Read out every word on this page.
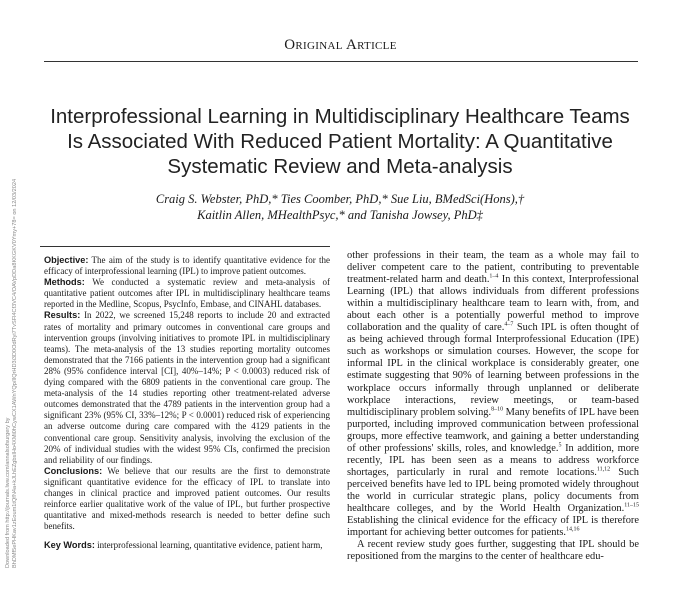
Original Article
Downloaded from http://journals.lww.com/annalsofsurgery by BhDMf5ePHKav1zEoum1tQfN4a+kJLhEZgbsIHo4XMi0hCywCX1AWnYQp/IlQrHD3i3D0OdRyi7TvSFl4Cf3VC4/OAVpDDa8KKGKV0Ymy+78= on 12/03/2024
Interprofessional Learning in Multidisciplinary Healthcare Teams Is Associated With Reduced Patient Mortality: A Quantitative Systematic Review and Meta-analysis
Craig S. Webster, PhD,* Ties Coomber, PhD,* Sue Liu, BMedSci(Hons),†
Kaitlin Allen, MHealthPsyc,* and Tanisha Jowsey, PhD‡

Objective: The aim of the study is to identify quantitative evidence for the efficacy of interprofessional learning (IPL) to improve patient outcomes.

Methods: We conducted a systematic review and meta-analysis of quantitative patient outcomes after IPL in multidisciplinary healthcare teams reported in the Medline, Scopus, PsycInfo, Embase, and CINAHL databases.

Results: In 2022, we screened 15,248 reports to include 20 and extracted rates of mortality and primary outcomes in conventional care groups and intervention groups (involving initiatives to promote IPL in multidisciplinary teams). The meta-analysis of the 13 studies reporting mortality outcomes demonstrated that the 7166 patients in the intervention group had a significant 28% (95% confidence interval [CI], 40%–14%; P < 0.0003) reduced risk of dying compared with the 6809 patients in the conventional care group. The meta-analysis of the 14 studies reporting other treatment-related adverse outcomes demonstrated that the 4789 patients in the intervention group had a significant 23% (95% CI, 33%–12%; P < 0.0001) reduced risk of experiencing an adverse outcome during care compared with the 4129 patients in the conventional care group. Sensitivity analysis, involving the exclusion of the 20% of individual studies with the widest 95% CIs, confirmed the precision and reliability of our findings.

Conclusions: We believe that our results are the first to demonstrate significant quantitative evidence for the efficacy of IPL to translate into changes in clinical practice and improved patient outcomes. Our results reinforce earlier qualitative work of the value of IPL, but further prospective quantitative and mixed-methods research is needed to better define such benefits.

Key Words: interprofessional learning, quantitative evidence, patient harm,

other professions in their team, the team as a whole may fail to deliver competent care to the patient, contributing to preventable treatment-related harm and death.$^{1-4}$ In this context, Interprofessional Learning (IPL) that allows individuals from different professions within a multidisciplinary healthcare team to learn with, from, and about each other is a potentially powerful method to improve collaboration and the quality of care.$^{4-7}$ Such IPL is often thought of as being achieved through formal Interprofessional Education (IPE) such as workshops or simulation courses. However, the scope for informal IPL in the clinical workplace is considerably greater, one estimate suggesting that 90% of learning between professions in the workplace occurs informally through unplanned or deliberate workplace interactions, review meetings, or team-based multidisciplinary problem solving.$^{8-10}$ Many benefits of IPL have been purported, including improved communication between professional groups, more effective teamwork, and gaining a better understanding of other professions' skills, roles, and knowledge.$^5$ In addition, more recently, IPL has been seen as a means to address workforce shortages, particularly in rural and remote locations.$^{11,12}$ Such perceived benefits have led to IPL being promoted widely throughout the world in curricular strategic plans, policy documents from healthcare colleges, and by the World Health Organization.$^{11-15}$ Establishing the clinical evidence for the efficacy of IPL is therefore important for achieving better outcomes for patients.$^{14,16}$

A recent review study goes further, suggesting that IPL should be repositioned from the margins to the center of healthcare edu-
